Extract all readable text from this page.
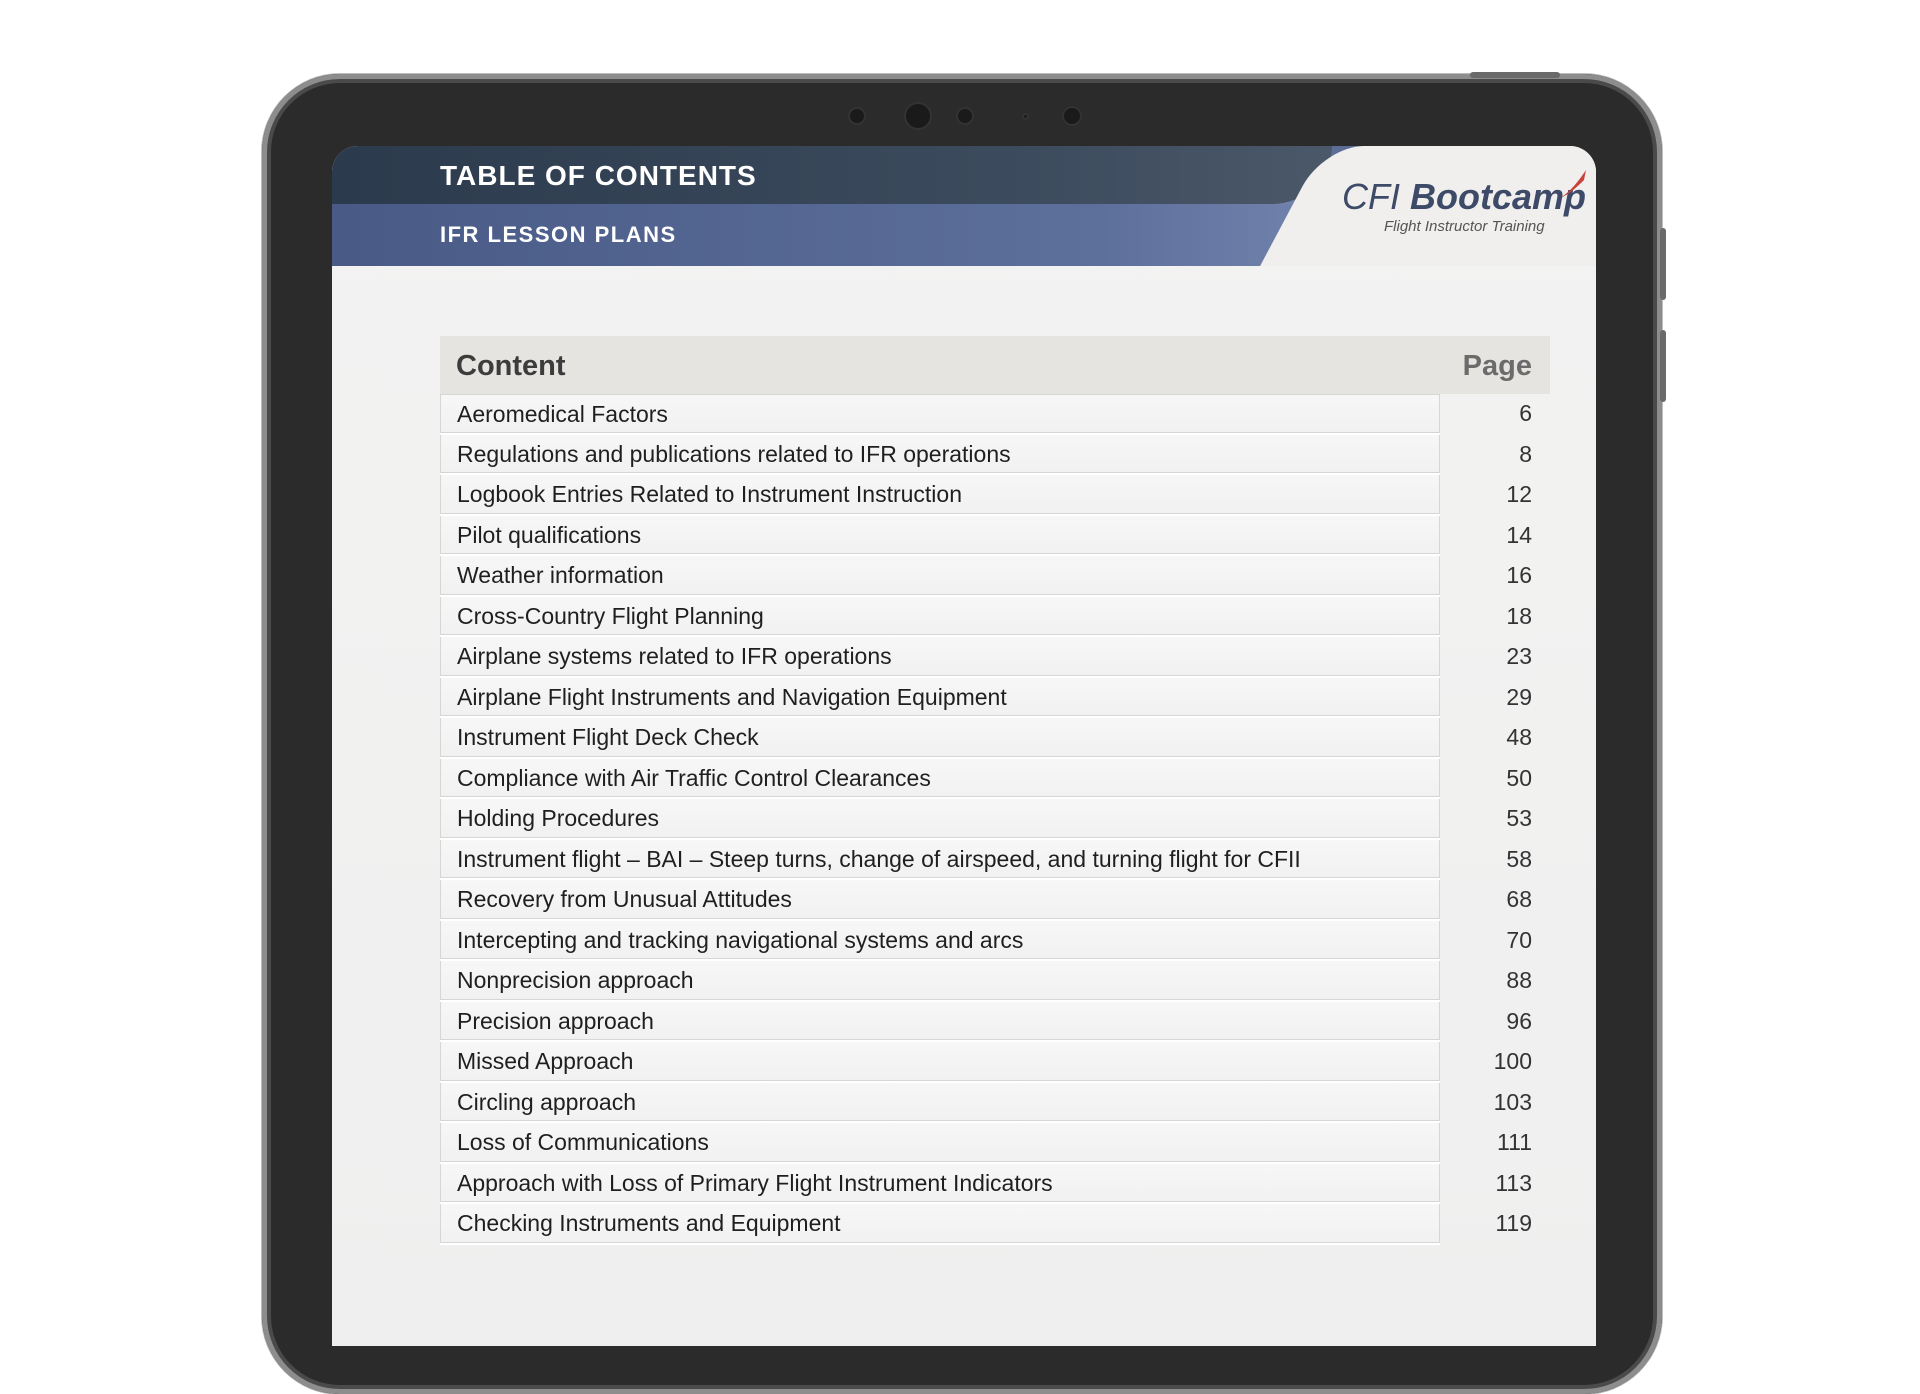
TABLE OF CONTENTS
IFR LESSON PLANS
CFI Bootcamp
Flight Instructor Training
Content	Page
Aeromedical Factors	6
Regulations and publications related to IFR operations	8
Logbook Entries Related to Instrument Instruction	12
Pilot qualifications	14
Weather information	16
Cross-Country Flight Planning	18
Airplane systems related to IFR operations	23
Airplane Flight Instruments and Navigation Equipment	29
Instrument Flight Deck Check	48
Compliance with Air Traffic Control Clearances	50
Holding Procedures	53
Instrument flight – BAI – Steep turns, change of airspeed, and turning flight for CFII	58
Recovery from Unusual Attitudes	68
Intercepting and tracking navigational systems and arcs	70
Nonprecision approach	88
Precision approach	96
Missed Approach	100
Circling approach	103
Loss of Communications	111
Approach with Loss of Primary Flight Instrument Indicators	113
Checking Instruments and Equipment	119
